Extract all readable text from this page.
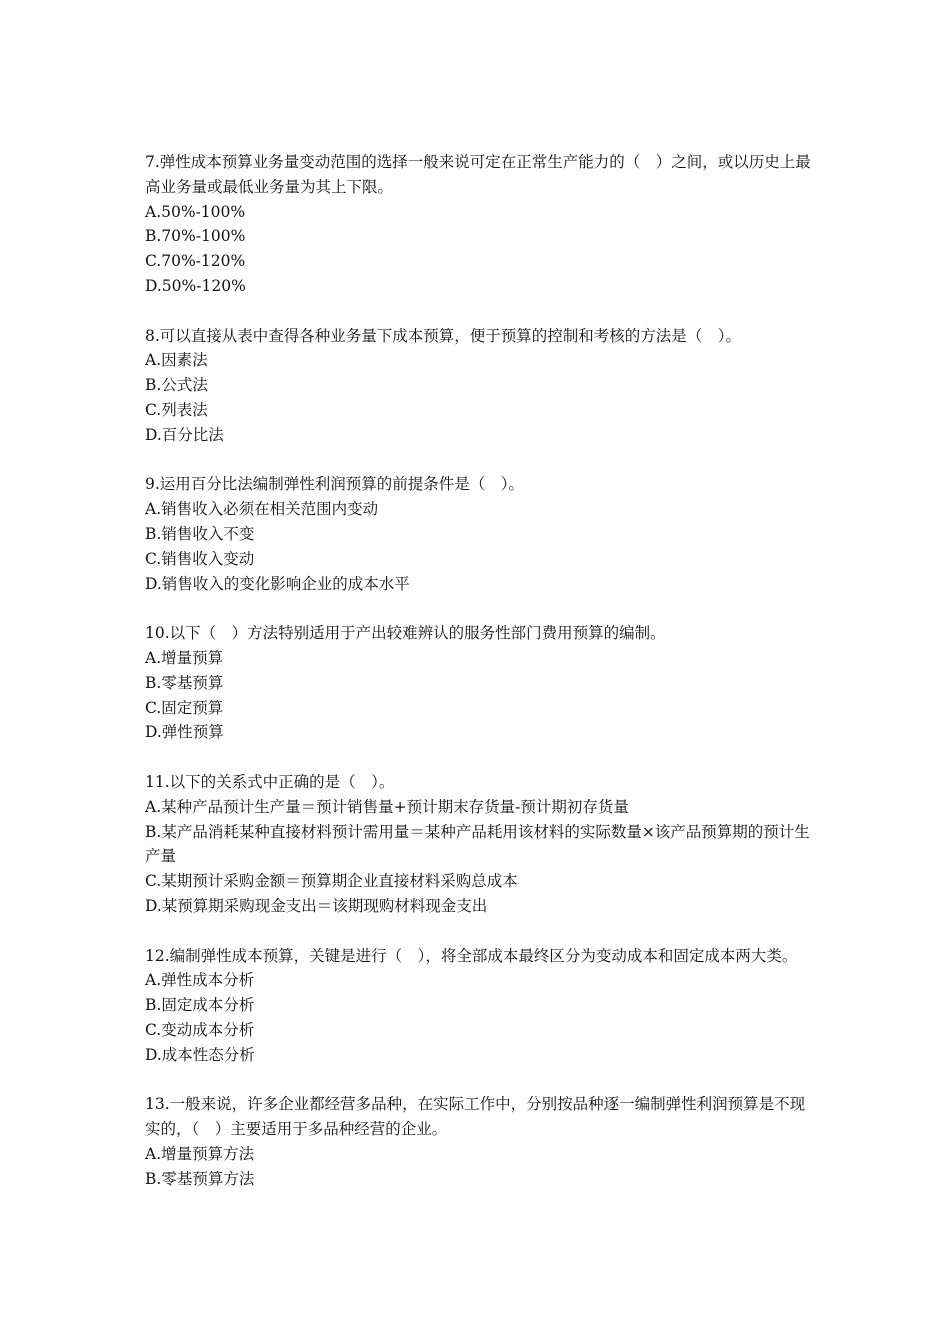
7.弹性成本预算业务量变动范围的选择一般来说可定在正常生产能力的（　）之间，或以历史上最高业务量或最低业务量为其上下限。

A.50%-100%

B.70%-100%

C.70%-120%

D.50%-120%

8.可以直接从表中查得各种业务量下成本预算，便于预算的控制和考核的方法是（　）。

A.因素法

B.公式法

C.列表法

D.百分比法

9.运用百分比法编制弹性利润预算的前提条件是（　）。

A.销售收入必须在相关范围内变动

B.销售收入不变

C.销售收入变动

D.销售收入的变化影响企业的成本水平

10.以下（　）方法特别适用于产出较难辨认的服务性部门费用预算的编制。

A.增量预算

B.零基预算

C.固定预算

D.弹性预算

11.以下的关系式中正确的是（　）。

A.某种产品预计生产量＝预计销售量+预计期末存货量-预计期初存货量

B.某产品消耗某种直接材料预计需用量＝某种产品耗用该材料的实际数量×该产品预算期的预计生产量

C.某期预计采购金额＝预算期企业直接材料采购总成本

D.某预算期采购现金支出＝该期现购材料现金支出

12.编制弹性成本预算，关键是进行（　），将全部成本最终区分为变动成本和固定成本两大类。

A.弹性成本分析

B.固定成本分析

C.变动成本分析

D.成本性态分析

13.一般来说，许多企业都经营多品种，在实际工作中，分别按品种逐一编制弹性利润预算是不现实的，（　）主要适用于多品种经营的企业。

A.增量预算方法

B.零基预算方法
